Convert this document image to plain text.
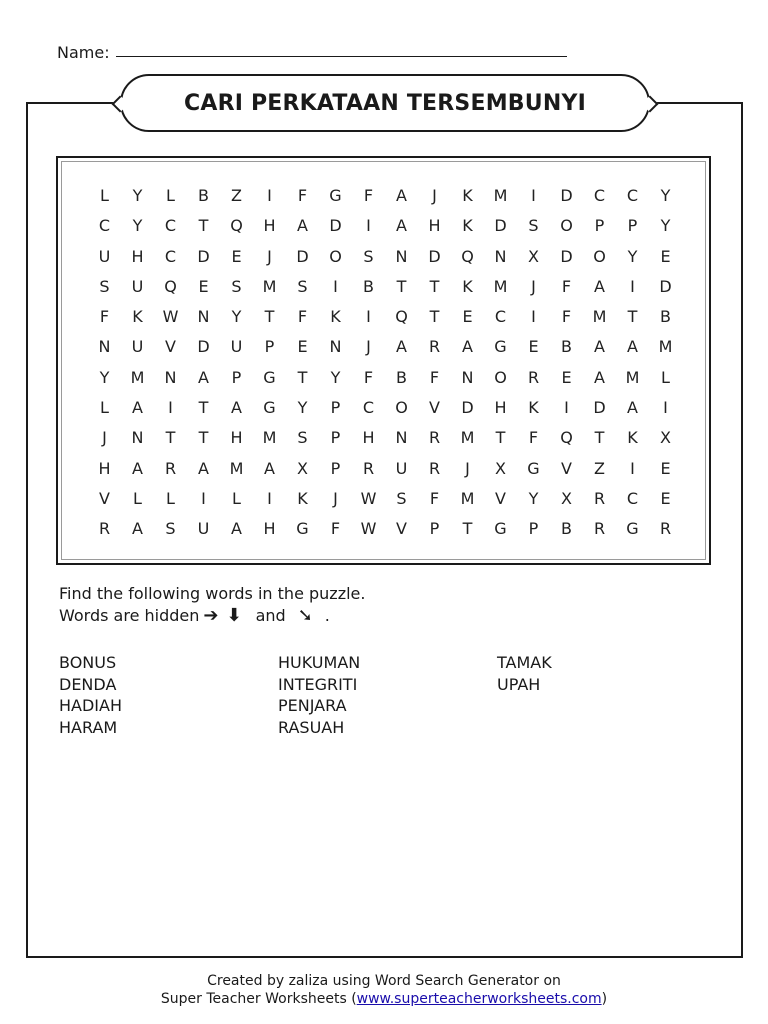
Name:
CARI PERKATAAN TERSEMBUNYI
L	Y	L	B	Z	I	F	G	F	A	J	K	M	I	D	C	C	Y
C	Y	C	T	Q	H	A	D	I	A	H	K	D	S	O	P	P	Y
U	H	C	D	E	J	D	O	S	N	D	Q	N	X	D	O	Y	E
S	U	Q	E	S	M	S	I	B	T	T	K	M	J	F	A	I	D
F	K	W	N	Y	T	F	K	I	Q	T	E	C	I	F	M	T	B
N	U	V	D	U	P	E	N	J	A	R	A	G	E	B	A	A	M
Y	M	N	A	P	G	T	Y	F	B	F	N	O	R	E	A	M	L
L	A	I	T	A	G	Y	P	C	O	V	D	H	K	I	D	A	I
J	N	T	T	H	M	S	P	H	N	R	M	T	F	Q	T	K	X
H	A	R	A	M	A	X	P	R	U	R	J	X	G	V	Z	I	E
V	L	L	I	L	I	K	J	W	S	F	M	V	Y	X	R	C	E
R	A	S	U	A	H	G	F	W	V	P	T	G	P	B	R	G	R
Find the following words in the puzzle.
Words are hidden ➔ ⬇ and ➘ .
BONUS
DENDA
HADIAH
HARAM
HUKUMAN
INTEGRITI
PENJARA
RASUAH
TAMAK
UPAH
Created by zaliza using Word Search Generator on
Super Teacher Worksheets (www.superteacherworksheets.com)
